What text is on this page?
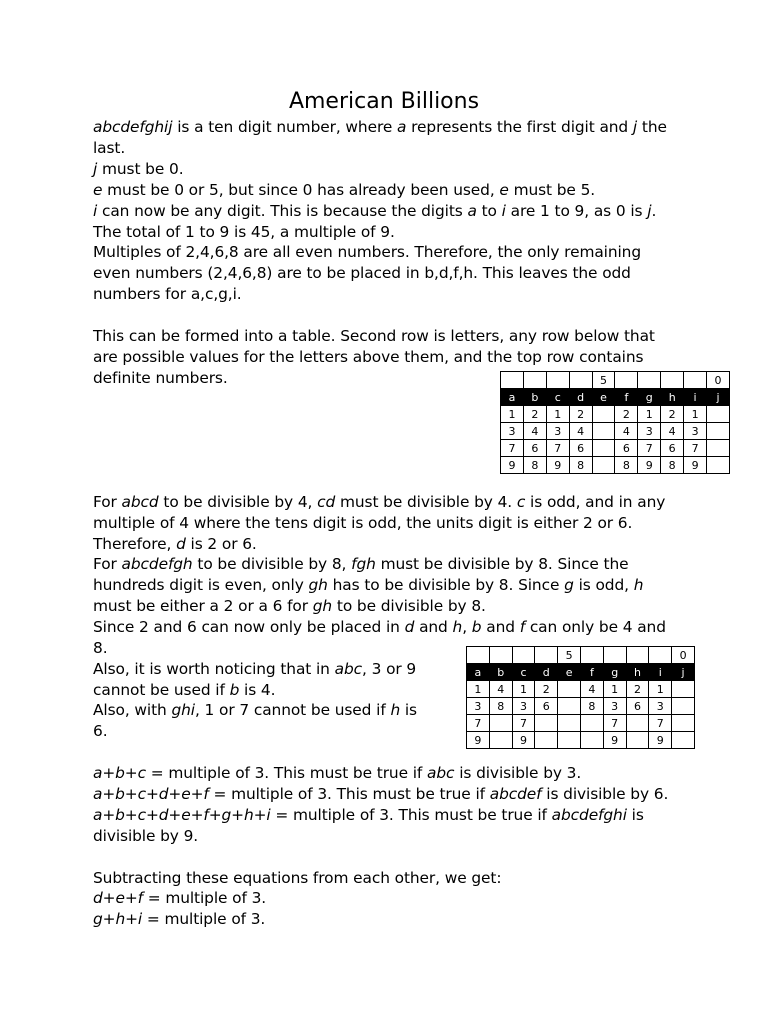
American Billions

abcdefghij is a ten digit number, where a represents the first digit and j the last.

j must be 0.

e must be 0 or 5, but since 0 has already been used, e must be 5.

i can now be any digit. This is because the digits a to i are 1 to 9, as 0 is j. The total of 1 to 9 is 45, a multiple of 9.

Multiples of 2,4,6,8 are all even numbers. Therefore, the only remaining even numbers (2,4,6,8) are to be placed in b,d,f,h. This leaves the odd numbers for a,c,g,i.

This can be formed into a table. Second row is letters, any row below that are possible values for the letters above them, and the top row contains definite numbers.

					5					0
a	b	c	d	e	f	g	h	i	j
1	2	1	2		2	1	2	1	
3	4	3	4		4	3	4	3	
7	6	7	6		6	7	6	7	
9	8	9	8		8	9	8	9	

For abcd to be divisible by 4, cd must be divisible by 4. c is odd, and in any multiple of 4 where the tens digit is odd, the units digit is either 2 or 6. Therefore, d is 2 or 6.

For abcdefgh to be divisible by 8, fgh must be divisible by 8. Since the hundreds digit is even, only gh has to be divisible by 8. Since g is odd, h must be either a 2 or a 6 for gh to be divisible by 8.

Since 2 and 6 can now only be placed in d and h, b and f can only be 4 and 8.

Also, it is worth noticing that in abc, 3 or 9 cannot be used if b is 4.

Also, with ghi, 1 or 7 cannot be used if h is 6.

				5					0
a	b	c	d	e	f	g	h	i	j
1	4	1	2		4	1	2	1	
3	8	3	6		8	3	6	3	
7		7				7		7	
9		9				9		9	

a+b+c = multiple of 3. This must be true if abc is divisible by 3.

a+b+c+d+e+f = multiple of 3. This must be true if abcdef is divisible by 6.

a+b+c+d+e+f+g+h+i = multiple of 3. This must be true if abcdefghi is divisible by 9.

Subtracting these equations from each other, we get:

d+e+f = multiple of 3.

g+h+i = multiple of 3.
